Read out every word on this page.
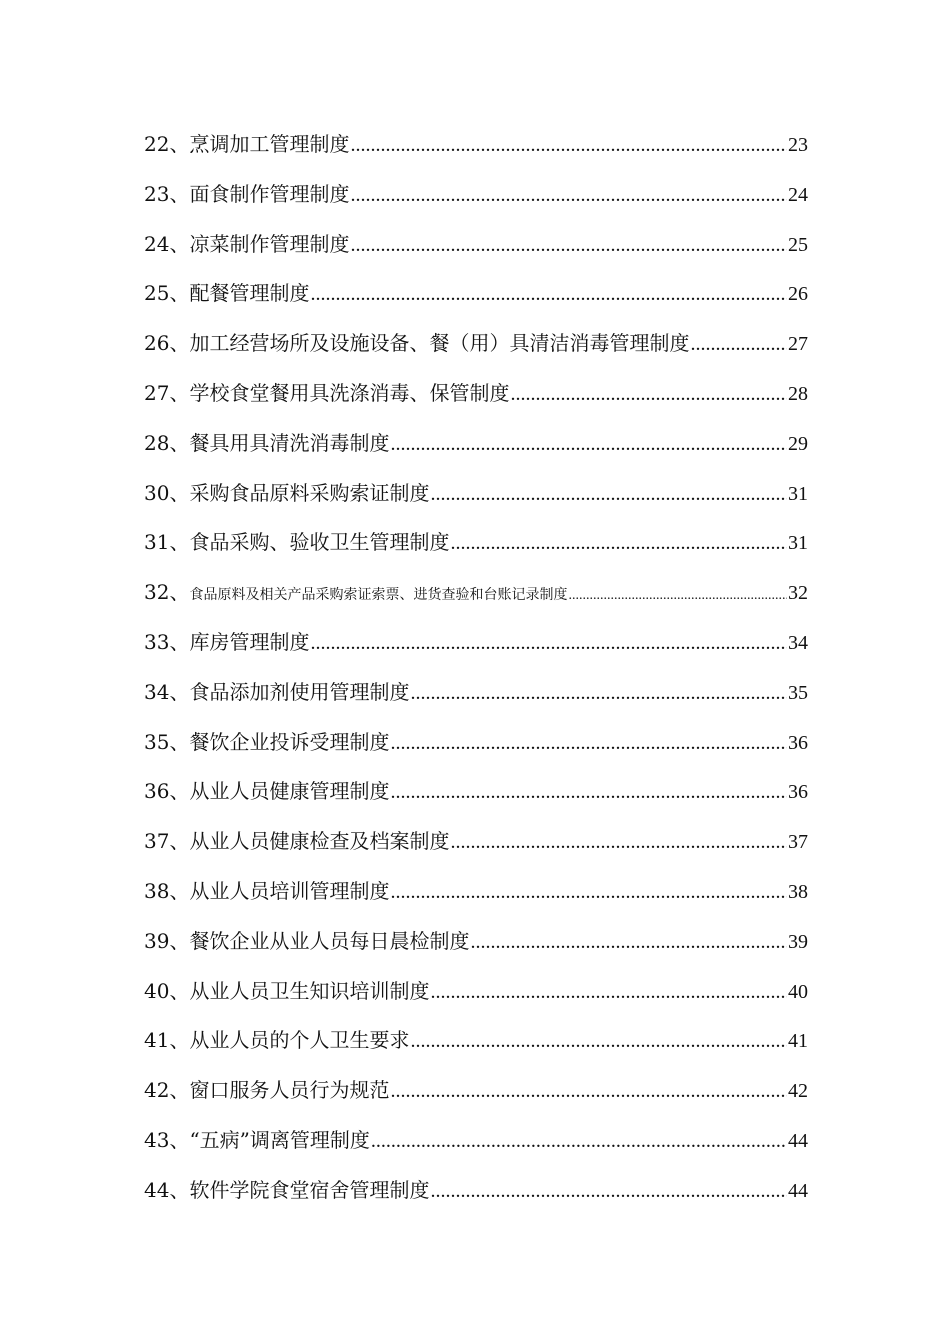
22、烹调加工管理制度 .....	23
23、面食制作管理制度 .....	24
24、凉菜制作管理制度 .....	25
25、配餐管理制度 .....	26
26、加工经营场所及设施设备、餐（用）具清洁消毒管理制度 .....	27
27、学校食堂餐用具洗涤消毒、保管制度 .....	28
28、餐具用具清洗消毒制度 .....	29
30、采购食品原料采购索证制度 .....	31
31、食品采购、验收卫生管理制度 .....	31
32、 食品原料及相关产品采购索证索票、进货查验和台账记录制度 .....	32
33、库房管理制度 .....	34
34、食品添加剂使用管理制度 .....	35
35、餐饮企业投诉受理制度 .....	36
36、从业人员健康管理制度 .....	36
37、从业人员健康检查及档案制度 .....	37
38、从业人员培训管理制度 .....	38
39、餐饮企业从业人员每日晨检制度 .....	39
40、从业人员卫生知识培训制度 .....	40
41、从业人员的个人卫生要求 .....	41
42、窗口服务人员行为规范 .....	42
43、“五病”调离管理制度 .....	44
44、软件学院食堂宿舍管理制度 .....	44
